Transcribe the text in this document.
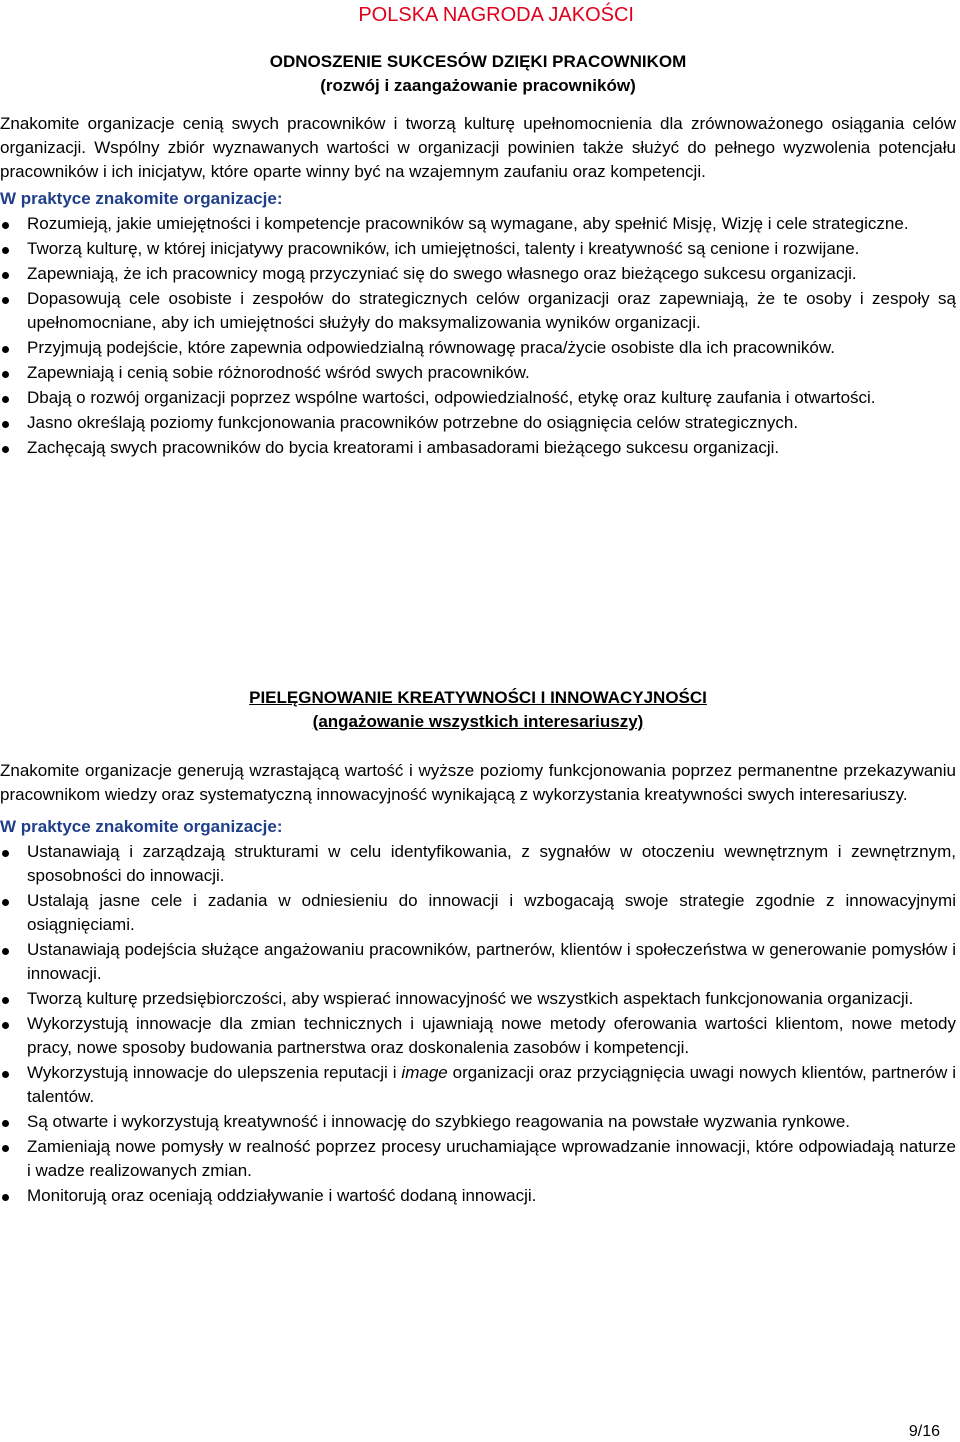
POLSKA NAGRODA JAKOŚCI
ODNOSZENIE SUKCESÓW DZIĘKI PRACOWNIKOM
(rozwój i zaangażowanie pracowników)

Znakomite organizacje cenią swych pracowników i tworzą kulturę upełnomocnienia dla zrównoważonego osiągania celów organizacji. Wspólny zbiór wyznawanych wartości w organizacji powinien także służyć do pełnego wyzwolenia potencjału pracowników i ich inicjatyw, które oparte winny być na wzajemnym zaufaniu oraz kompetencji.

W praktyce znakomite organizacje:

Rozumieją, jakie umiejętności i kompetencje pracowników są wymagane, aby spełnić Misję, Wizję i cele strategiczne.
Tworzą kulturę, w której inicjatywy pracowników, ich umiejętności, talenty i kreatywność są cenione i rozwijane.
Zapewniają, że ich pracownicy mogą przyczyniać się do swego własnego oraz bieżącego sukcesu organizacji.
Dopasowują cele osobiste i zespołów do strategicznych celów organizacji oraz zapewniają, że te osoby i zespoły są upełnomocniane, aby ich umiejętności służyły do maksymalizowania wyników organizacji.
Przyjmują podejście, które zapewnia odpowiedzialną równowagę praca/życie osobiste dla ich pracowników.
Zapewniają i cenią sobie różnorodność wśród swych pracowników.
Dbają o rozwój organizacji poprzez wspólne wartości, odpowiedzialność, etykę oraz kulturę zaufania i otwartości.
Jasno określają poziomy funkcjonowania pracowników potrzebne do osiągnięcia celów strategicznych.
Zachęcają swych pracowników do bycia kreatorami i ambasadorami bieżącego sukcesu organizacji.
PIELĘGNOWANIE KREATYWNOŚCI I INNOWACYJNOŚCI
(angażowanie wszystkich interesariuszy)

Znakomite organizacje generują wzrastającą wartość i wyższe poziomy funkcjonowania poprzez permanentne przekazywaniu pracownikom wiedzy oraz systematyczną innowacyjność wynikającą z wykorzystania kreatywności swych interesariuszy.

W praktyce znakomite organizacje:

Ustanawiają i zarządzają strukturami w celu identyfikowania, z sygnałów w otoczeniu wewnętrznym i zewnętrznym, sposobności do innowacji.
Ustalają jasne cele i zadania w odniesieniu do innowacji i wzbogacają swoje strategie zgodnie z innowacyjnymi osiągnięciami.
Ustanawiają podejścia służące angażowaniu pracowników, partnerów, klientów i społeczeństwa w generowanie pomysłów i innowacji.
Tworzą kulturę przedsiębiorczości, aby wspierać innowacyjność we wszystkich aspektach funkcjonowania organizacji.
Wykorzystują innowacje dla zmian technicznych i ujawniają nowe metody oferowania wartości klientom, nowe metody pracy, nowe sposoby budowania partnerstwa oraz doskonalenia zasobów i kompetencji.
Wykorzystują innowacje do ulepszenia reputacji i image organizacji oraz przyciągnięcia uwagi nowych klientów, partnerów i talentów.
Są otwarte i wykorzystują kreatywność i innowację do szybkiego reagowania na powstałe wyzwania rynkowe.
Zamieniają nowe pomysły w realność poprzez procesy uruchamiające wprowadzanie innowacji, które odpowiadają naturze i wadze realizowanych zmian.
Monitorują oraz oceniają oddziaływanie i wartość dodaną innowacji.
9/16
